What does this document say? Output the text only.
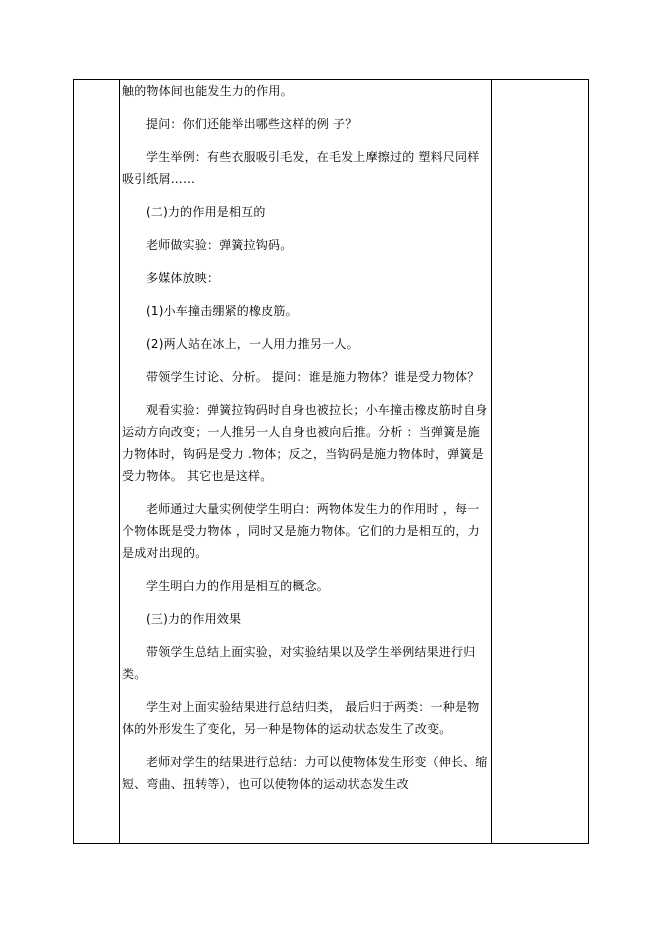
触的物体间也能发生力的作用。

提问：你们还能举出哪些这样的例 子？

学生举例：有些衣服吸引毛发，在毛发上摩擦过的 塑料尺同样吸引纸屑……

(二)力的作用是相互的

老师做实验：弹簧拉钩码。

多媒体放映：

(1)小车撞击绷紧的橡皮筋。

(2)两人站在冰上，一人用力推另一人。

带领学生讨论、分析。 提问：谁是施力物体？谁是受力物体？

观看实验：弹簧拉钩码时自身也被拉长；小车撞击橡皮筋时自身运动方向改变；一人推另一人自身也被向后推。分析 ：当弹簧是施力物体时，钩码是受力 .物体；反之，当钩码是施力物体时，弹簧是受力物体。 其它也是这样。

老师通过大量实例使学生明白：两物体发生力的作用时 ，每一个物体既是受力物体 ，同时又是施力物体。它们的力是相互的，力是成对出现的。

学生明白力的作用是相互的概念。

(三)力的作用效果

带领学生总结上面实验，对实验结果以及学生举例结果进行归类。

学生对上面实验结果进行总结归类， 最后归于两类：一种是物体的外形发生了变化，另一种是物体的运动状态发生了改变。

老师对学生的结果进行总结：力可以使物体发生形变（伸长、缩短、弯曲、扭转等），也可以使物体的运动状态发生改
